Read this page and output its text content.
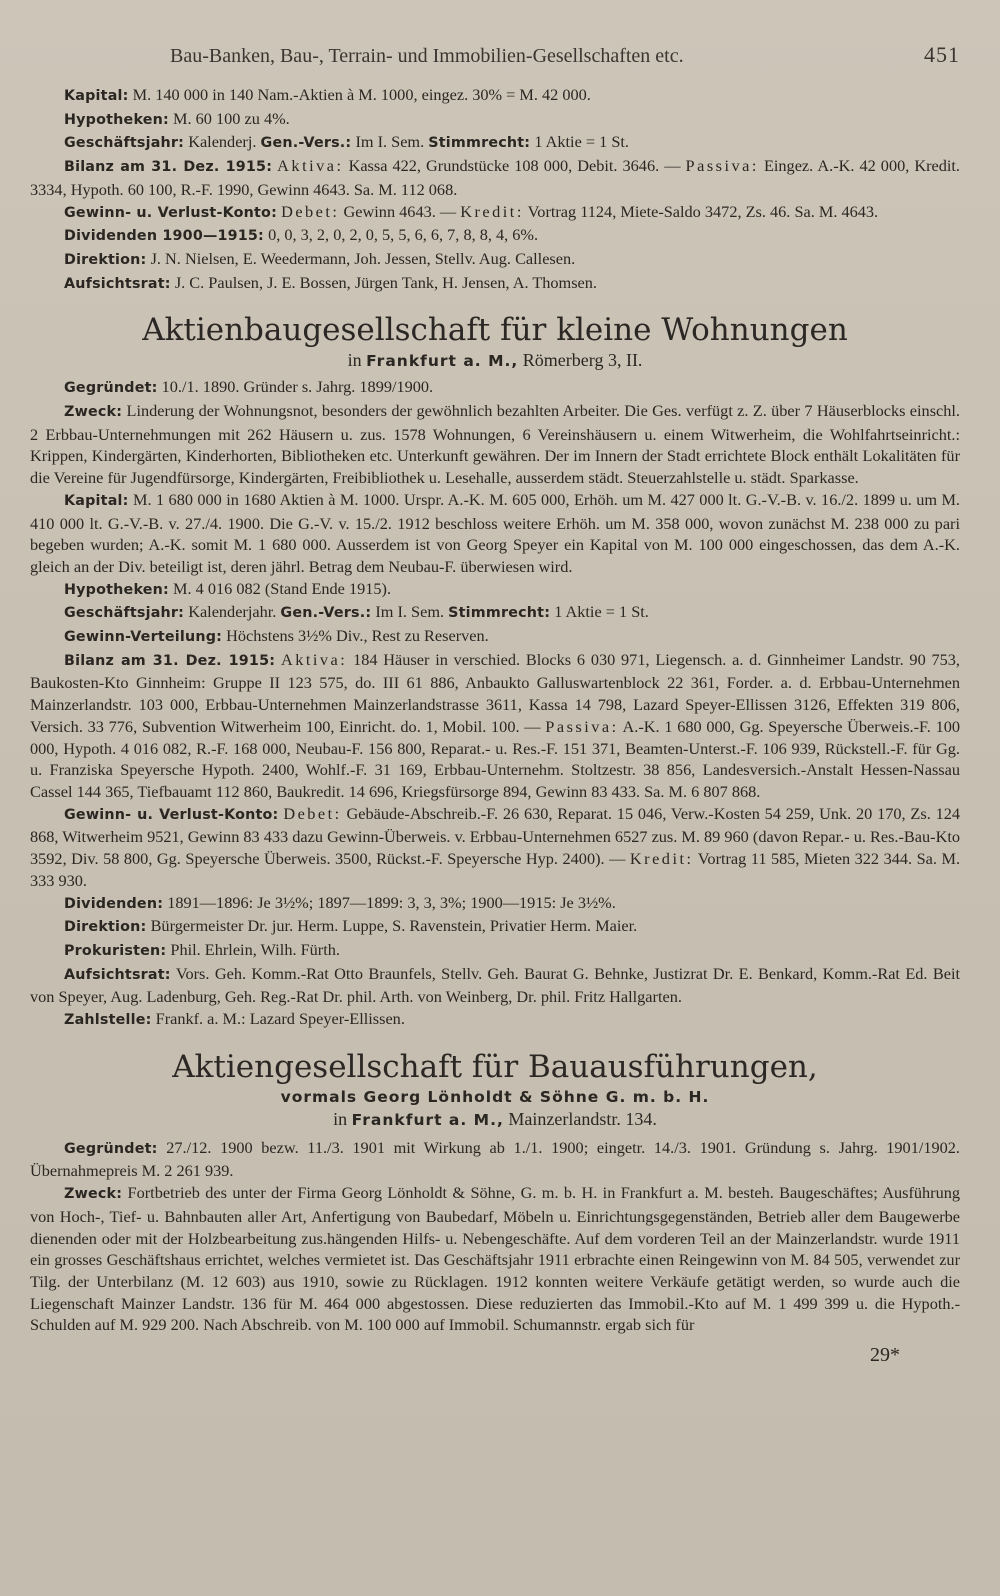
Bau-Banken, Bau-, Terrain- und Immobilien-Gesellschaften etc.	451

Kapital: M. 140 000 in 140 Nam.-Aktien à M. 1000, eingez. 30% = M. 42 000.

Hypotheken: M. 60 100 zu 4%.

Geschäftsjahr: Kalenderj. Gen.-Vers.: Im I. Sem. Stimmrecht: 1 Aktie = 1 St.

Bilanz am 31. Dez. 1915: Aktiva: Kassa 422, Grundstücke 108 000, Debit. 3646. — Passiva: Eingez. A.-K. 42 000, Kredit. 3334, Hypoth. 60 100, R.-F. 1990, Gewinn 4643. Sa. M. 112 068.

Gewinn- u. Verlust-Konto: Debet: Gewinn 4643. — Kredit: Vortrag 1124, Miete-Saldo 3472, Zs. 46. Sa. M. 4643.

Dividenden 1900—1915: 0, 0, 3, 2, 0, 2, 0, 5, 5, 6, 6, 7, 8, 8, 4, 6%.

Direktion: J. N. Nielsen, E. Weedermann, Joh. Jessen, Stellv. Aug. Callesen.

Aufsichtsrat: J. C. Paulsen, J. E. Bossen, Jürgen Tank, H. Jensen, A. Thomsen.

Aktienbaugesellschaft für kleine Wohnungen
in Frankfurt a. M., Römerberg 3, II.

Gegründet: 10./1. 1890. Gründer s. Jahrg. 1899/1900.

Zweck: Linderung der Wohnungsnot, besonders der gewöhnlich bezahlten Arbeiter. Die Ges. verfügt z. Z. über 7 Häuserblocks einschl. 2 Erbbau-Unternehmungen mit 262 Häusern u. zus. 1578 Wohnungen, 6 Vereinshäusern u. einem Witwerheim, die Wohlfahrtseinricht.: Krippen, Kindergärten, Kinderhorten, Bibliotheken etc. Unterkunft gewähren. Der im Innern der Stadt errichtete Block enthält Lokalitäten für die Vereine für Jugendfürsorge, Kindergärten, Freibibliothek u. Lesehalle, ausserdem städt. Steuerzahlstelle u. städt. Sparkasse.

Kapital: M. 1 680 000 in 1680 Aktien à M. 1000. Urspr. A.-K. M. 605 000, Erhöh. um M. 427 000 lt. G.-V.-B. v. 16./2. 1899 u. um M. 410 000 lt. G.-V.-B. v. 27./4. 1900. Die G.-V. v. 15./2. 1912 beschloss weitere Erhöh. um M. 358 000, wovon zunächst M. 238 000 zu pari begeben wurden; A.-K. somit M. 1 680 000. Ausserdem ist von Georg Speyer ein Kapital von M. 100 000 eingeschossen, das dem A.-K. gleich an der Div. beteiligt ist, deren jährl. Betrag dem Neubau-F. überwiesen wird.

Hypotheken: M. 4 016 082 (Stand Ende 1915).

Geschäftsjahr: Kalenderjahr. Gen.-Vers.: Im I. Sem. Stimmrecht: 1 Aktie = 1 St.

Gewinn-Verteilung: Höchstens 3½% Div., Rest zu Reserven.

Bilanz am 31. Dez. 1915: Aktiva: 184 Häuser in verschied. Blocks 6 030 971, Liegensch. a. d. Ginnheimer Landstr. 90 753, Baukosten-Kto Ginnheim: Gruppe II 123 575, do. III 61 886, Anbaukto Galluswartenblock 22 361, Forder. a. d. Erbbau-Unternehmen Mainzerlandstr. 103 000, Erbbau-Unternehmen Mainzerlandstrasse 3611, Kassa 14 798, Lazard Speyer-Ellissen 3126, Effekten 319 806, Versich. 33 776, Subvention Witwerheim 100, Einricht. do. 1, Mobil. 100. — Passiva: A.-K. 1 680 000, Gg. Speyersche Überweis.-F. 100 000, Hypoth. 4 016 082, R.-F. 168 000, Neubau-F. 156 800, Reparat.- u. Res.-F. 151 371, Beamten-Unterst.-F. 106 939, Rückstell.-F. für Gg. u. Franziska Speyersche Hypoth. 2400, Wohlf.-F. 31 169, Erbbau-Unternehm. Stoltzestr. 38 856, Landesversich.-Anstalt Hessen-Nassau Cassel 144 365, Tiefbauamt 112 860, Baukredit. 14 696, Kriegsfürsorge 894, Gewinn 83 433. Sa. M. 6 807 868.

Gewinn- u. Verlust-Konto: Debet: Gebäude-Abschreib.-F. 26 630, Reparat. 15 046, Verw.-Kosten 54 259, Unk. 20 170, Zs. 124 868, Witwerheim 9521, Gewinn 83 433 dazu Gewinn-Überweis. v. Erbbau-Unternehmen 6527 zus. M. 89 960 (davon Repar.- u. Res.-Bau-Kto 3592, Div. 58 800, Gg. Speyersche Überweis. 3500, Rückst.-F. Speyersche Hyp. 2400). — Kredit: Vortrag 11 585, Mieten 322 344. Sa. M. 333 930.

Dividenden: 1891—1896: Je 3½%; 1897—1899: 3, 3, 3%; 1900—1915: Je 3½%.

Direktion: Bürgermeister Dr. jur. Herm. Luppe, S. Ravenstein, Privatier Herm. Maier.

Prokuristen: Phil. Ehrlein, Wilh. Fürth.

Aufsichtsrat: Vors. Geh. Komm.-Rat Otto Braunfels, Stellv. Geh. Baurat G. Behnke, Justizrat Dr. E. Benkard, Komm.-Rat Ed. Beit von Speyer, Aug. Ladenburg, Geh. Reg.-Rat Dr. phil. Arth. von Weinberg, Dr. phil. Fritz Hallgarten.

Zahlstelle: Frankf. a. M.: Lazard Speyer-Ellissen.

Aktiengesellschaft für Bauausführungen,
vormals Georg Lönholdt & Söhne G. m. b. H.
in Frankfurt a. M., Mainzerlandstr. 134.

Gegründet: 27./12. 1900 bezw. 11./3. 1901 mit Wirkung ab 1./1. 1900; eingetr. 14./3. 1901. Gründung s. Jahrg. 1901/1902. Übernahmepreis M. 2 261 939.

Zweck: Fortbetrieb des unter der Firma Georg Lönholdt & Söhne, G. m. b. H. in Frankfurt a. M. besteh. Baugeschäftes; Ausführung von Hoch-, Tief- u. Bahnbauten aller Art, Anfertigung von Baubedarf, Möbeln u. Einrichtungsgegenständen, Betrieb aller dem Baugewerbe dienenden oder mit der Holzbearbeitung zus.hängenden Hilfs- u. Nebengeschäfte. Auf dem vorderen Teil an der Mainzerlandstr. wurde 1911 ein grosses Geschäftshaus errichtet, welches vermietet ist. Das Geschäftsjahr 1911 erbrachte einen Reingewinn von M. 84 505, verwendet zur Tilg. der Unterbilanz (M. 12 603) aus 1910, sowie zu Rücklagen. 1912 konnten weitere Verkäufe getätigt werden, so wurde auch die Liegenschaft Mainzer Landstr. 136 für M. 464 000 abgestossen. Diese reduzierten das Immobil.-Kto auf M. 1 499 399 u. die Hypoth.-Schulden auf M. 929 200. Nach Abschreib. von M. 100 000 auf Immobil. Schumannstr. ergab sich für

29*
